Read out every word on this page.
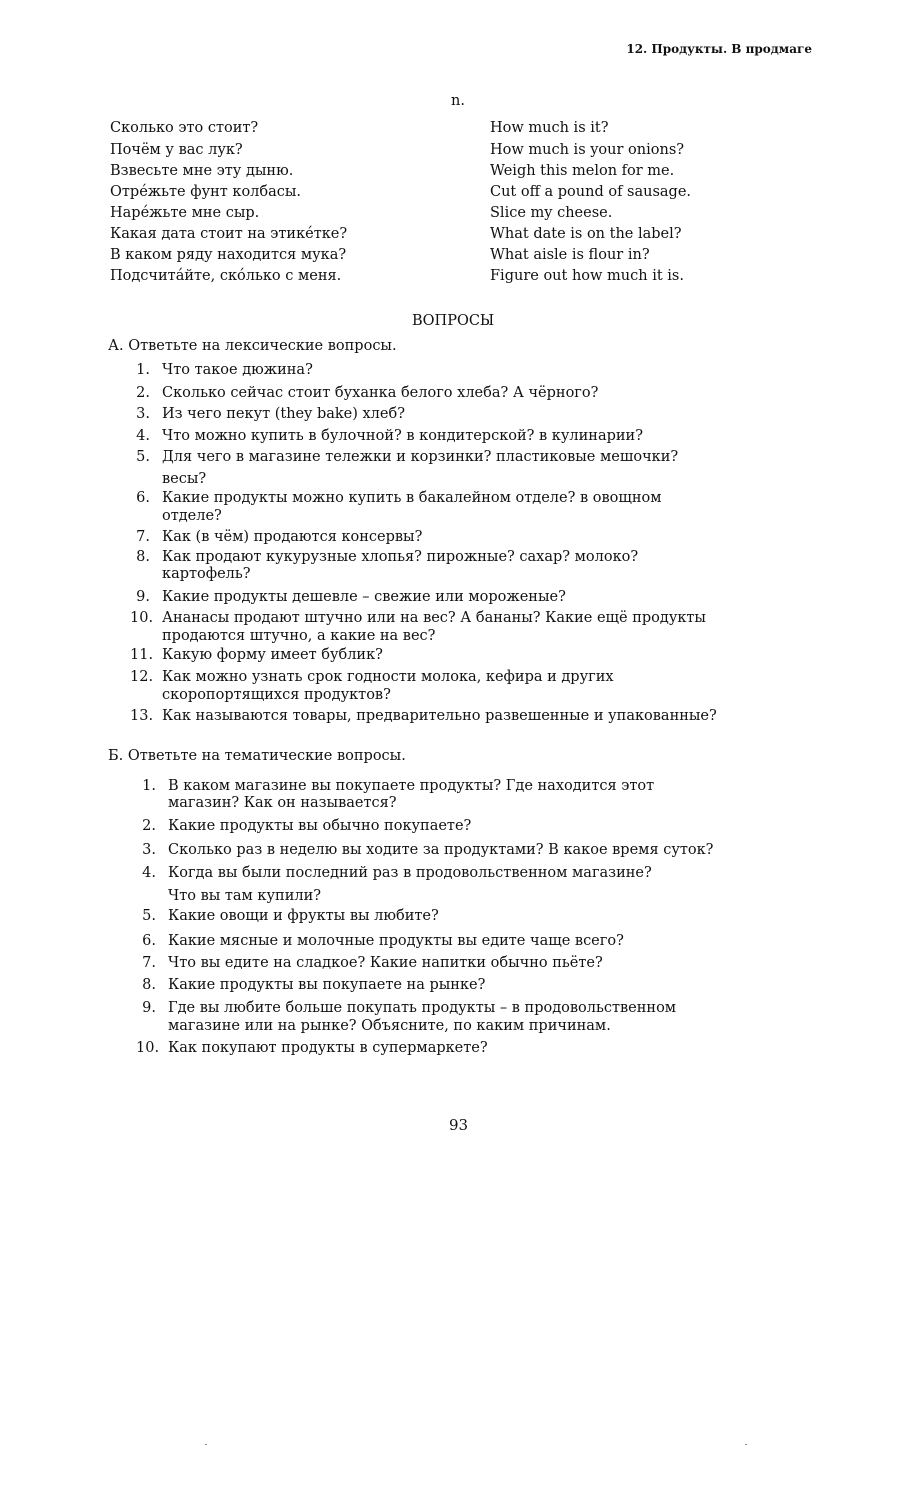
12. Продукты. В продмаге
n.
Сколько это стоит?	How much is it?
Почём у вас лук?	How much is your onions?
Взвесьте мне эту дыню.	Weigh this melon for me.
Отрéжьте фунт колбасы.	Cut off a pound of sausage.
Нарéжьте мне сыр.	Slice my cheese.
Какая дата стоит на этикéтке?	What date is on the label?
В каком ряду находится мука?	What aisle is flour in?
Подсчитáйте, скóлько с меня.	Figure out how much it is.
ВОПРОСЫ
А. Ответьте на лексические вопросы.
1. Что такое дюжина?
2. Сколько сейчас стоит буханка белого хлеба? А чёрного?
3. Из чего пекут (they bake) хлеб?
4. Что можно купить в булочной? в кондитерской? в кулинарии?
5. Для чего в магазине тележки и корзинки? пластиковые мешочки?
весы?
6. Какие продукты можно купить в бакалейном отделе? в овощном
отделе?
7. Как (в чём) продаются консервы?
8. Как продают кукурузные хлопья? пирожные? сахар? молоко?
картофель?
9. Какие продукты дешевле – свежие или мороженые?
10. Ананасы продают штучно или на вес? А бананы? Какие ещё продукты
продаются штучно, а какие на вес?
11. Какую форму имеет бублик?
12. Как можно узнать срок годности молока, кефира и других
скоропортящихся продуктов?
13. Как называются товары, предварительно развешенные и упакованные?
Б. Ответьте на тематические вопросы.
1. В каком магазине вы покупаете продукты? Где находится этот
магазин? Как он называется?
2. Какие продукты вы обычно покупаете?
3. Сколько раз в неделю вы ходите за продуктами? В какое время суток?
4. Когда вы были последний раз в продовольственном магазине?
Что вы там купили?
5. Какие овощи и фрукты вы любите?
6. Какие мясные и молочные продукты вы едите чаще всего?
7. Что вы едите на сладкое? Какие напитки обычно пьёте?
8. Какие продукты вы покупаете на рынке?
9. Где вы любите больше покупать продукты – в продовольственном
магазине или на рынке? Объясните, по каким причинам.
10. Как покупают продукты в супермаркете?
93
